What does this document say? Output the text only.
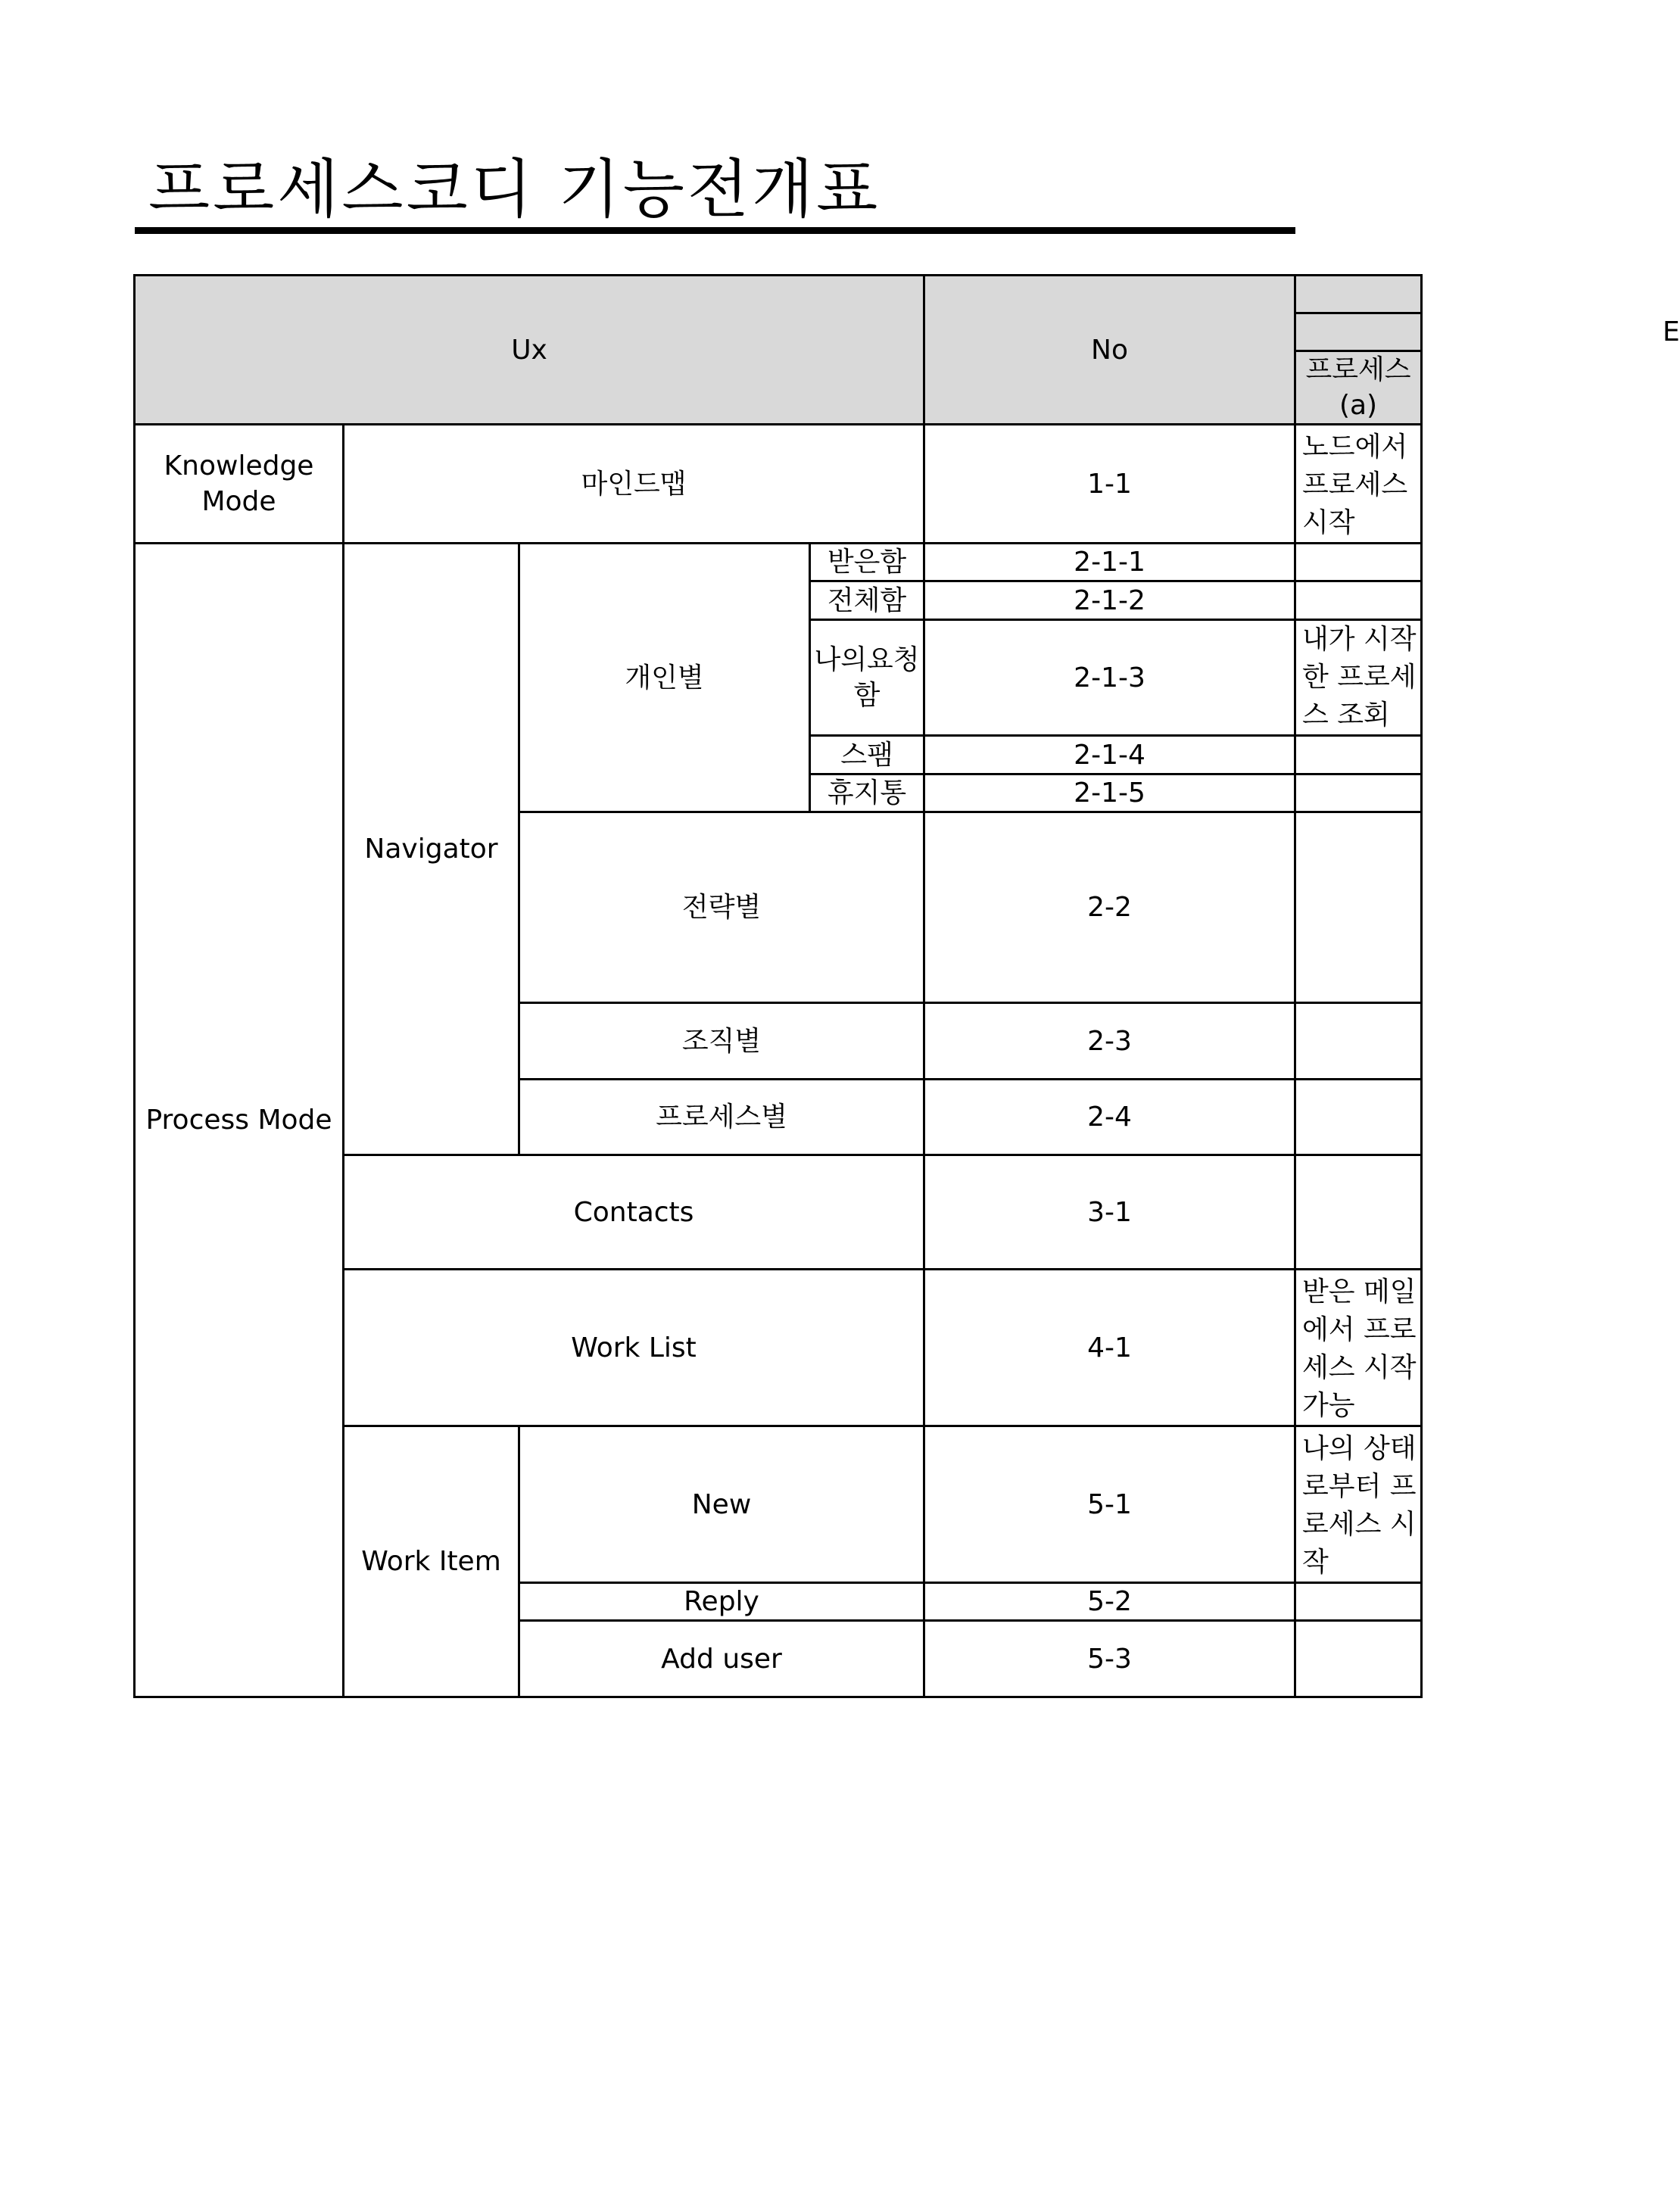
프로세스코디 기능전개표
Ux				No		
					E	
					프로세스 (a)	
Knowledge Mode	마인드맵			1-1	노드에서 프로세스 시작	
Process Mode	Navigator	개인별	받은함	2-1-1		
			전체함	2-1-2		
			나의요청함	2-1-3	내가 시작한 프로세스 조회	
			스팸	2-1-4		
			휴지통	2-1-5		
		전략별		2-2		
		조직별		2-3		
		프로세스별		2-4		
	Contacts			3-1		
	Work List			4-1	받은 메일에서 프로세스 시작 가능	
	Work Item	New		5-1	나의 상태로부터 프로세스 시작	
		Reply		5-2		
		Add user		5-3		
